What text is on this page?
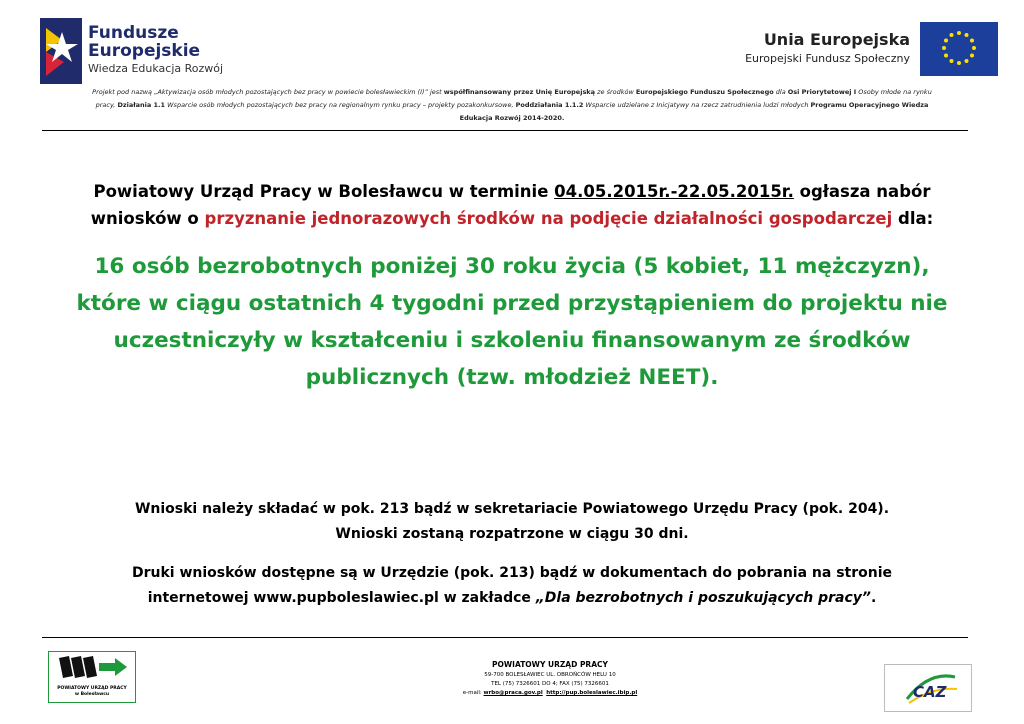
Fundusze
Europejskie
Wiedza Edukacja Rozwój
Unia Europejska
Europejski Fundusz Społeczny
Projekt pod nazwą „Aktywizacja osób młodych pozostających bez pracy w powiecie bolesławieckim (I)” jest współfinansowany przez Unię Europejską ze środków Europejskiego Funduszu Społecznego dla Osi Priorytetowej I Osoby młode na rynku pracy, Działania 1.1 Wsparcie osób młodych pozostających bez pracy na regionalnym rynku pracy – projekty pozakonkursowe, Poddziałania 1.1.2 Wsparcie udzielane z Inicjatywy na rzecz zatrudnienia ludzi młodych Programu Operacyjnego Wiedza Edukacja Rozwój 2014-2020.
Powiatowy Urząd Pracy w Bolesławcu w terminie 04.05.2015r.-22.05.2015r. ogłasza nabór wniosków o przyznanie jednorazowych środków na podjęcie działalności gospodarczej dla:
16 osób bezrobotnych poniżej 30 roku życia (5 kobiet, 11 mężczyzn), które w ciągu ostatnich 4 tygodni przed przystąpieniem do projektu nie uczestniczyły w kształceniu i szkoleniu finansowanym ze środków publicznych (tzw. młodzież NEET).
Wnioski należy składać w pok. 213 bądź w sekretariacie Powiatowego Urzędu Pracy (pok. 204). Wnioski zostaną rozpatrzone w ciągu 30 dni.
Druki wniosków dostępne są w Urzędzie (pok. 213) bądź w dokumentach do pobrania na stronie internetowej www.pupboleslawiec.pl w zakładce „Dla bezrobotnych i poszukujących pracy”.
POWIATOWY URZĄD PRACY
w Bolesławcu
POWIATOWY URZĄD PRACY
59-700 BOLESŁAWIEC UL. OBROŃCÓW HELU 10
TEL (75) 7326601 DO 4; FAX (75) 7326601
e-mail: wrbo@praca.gov.pl http://pup.boleslawiec.ibip.pl	CAZ
